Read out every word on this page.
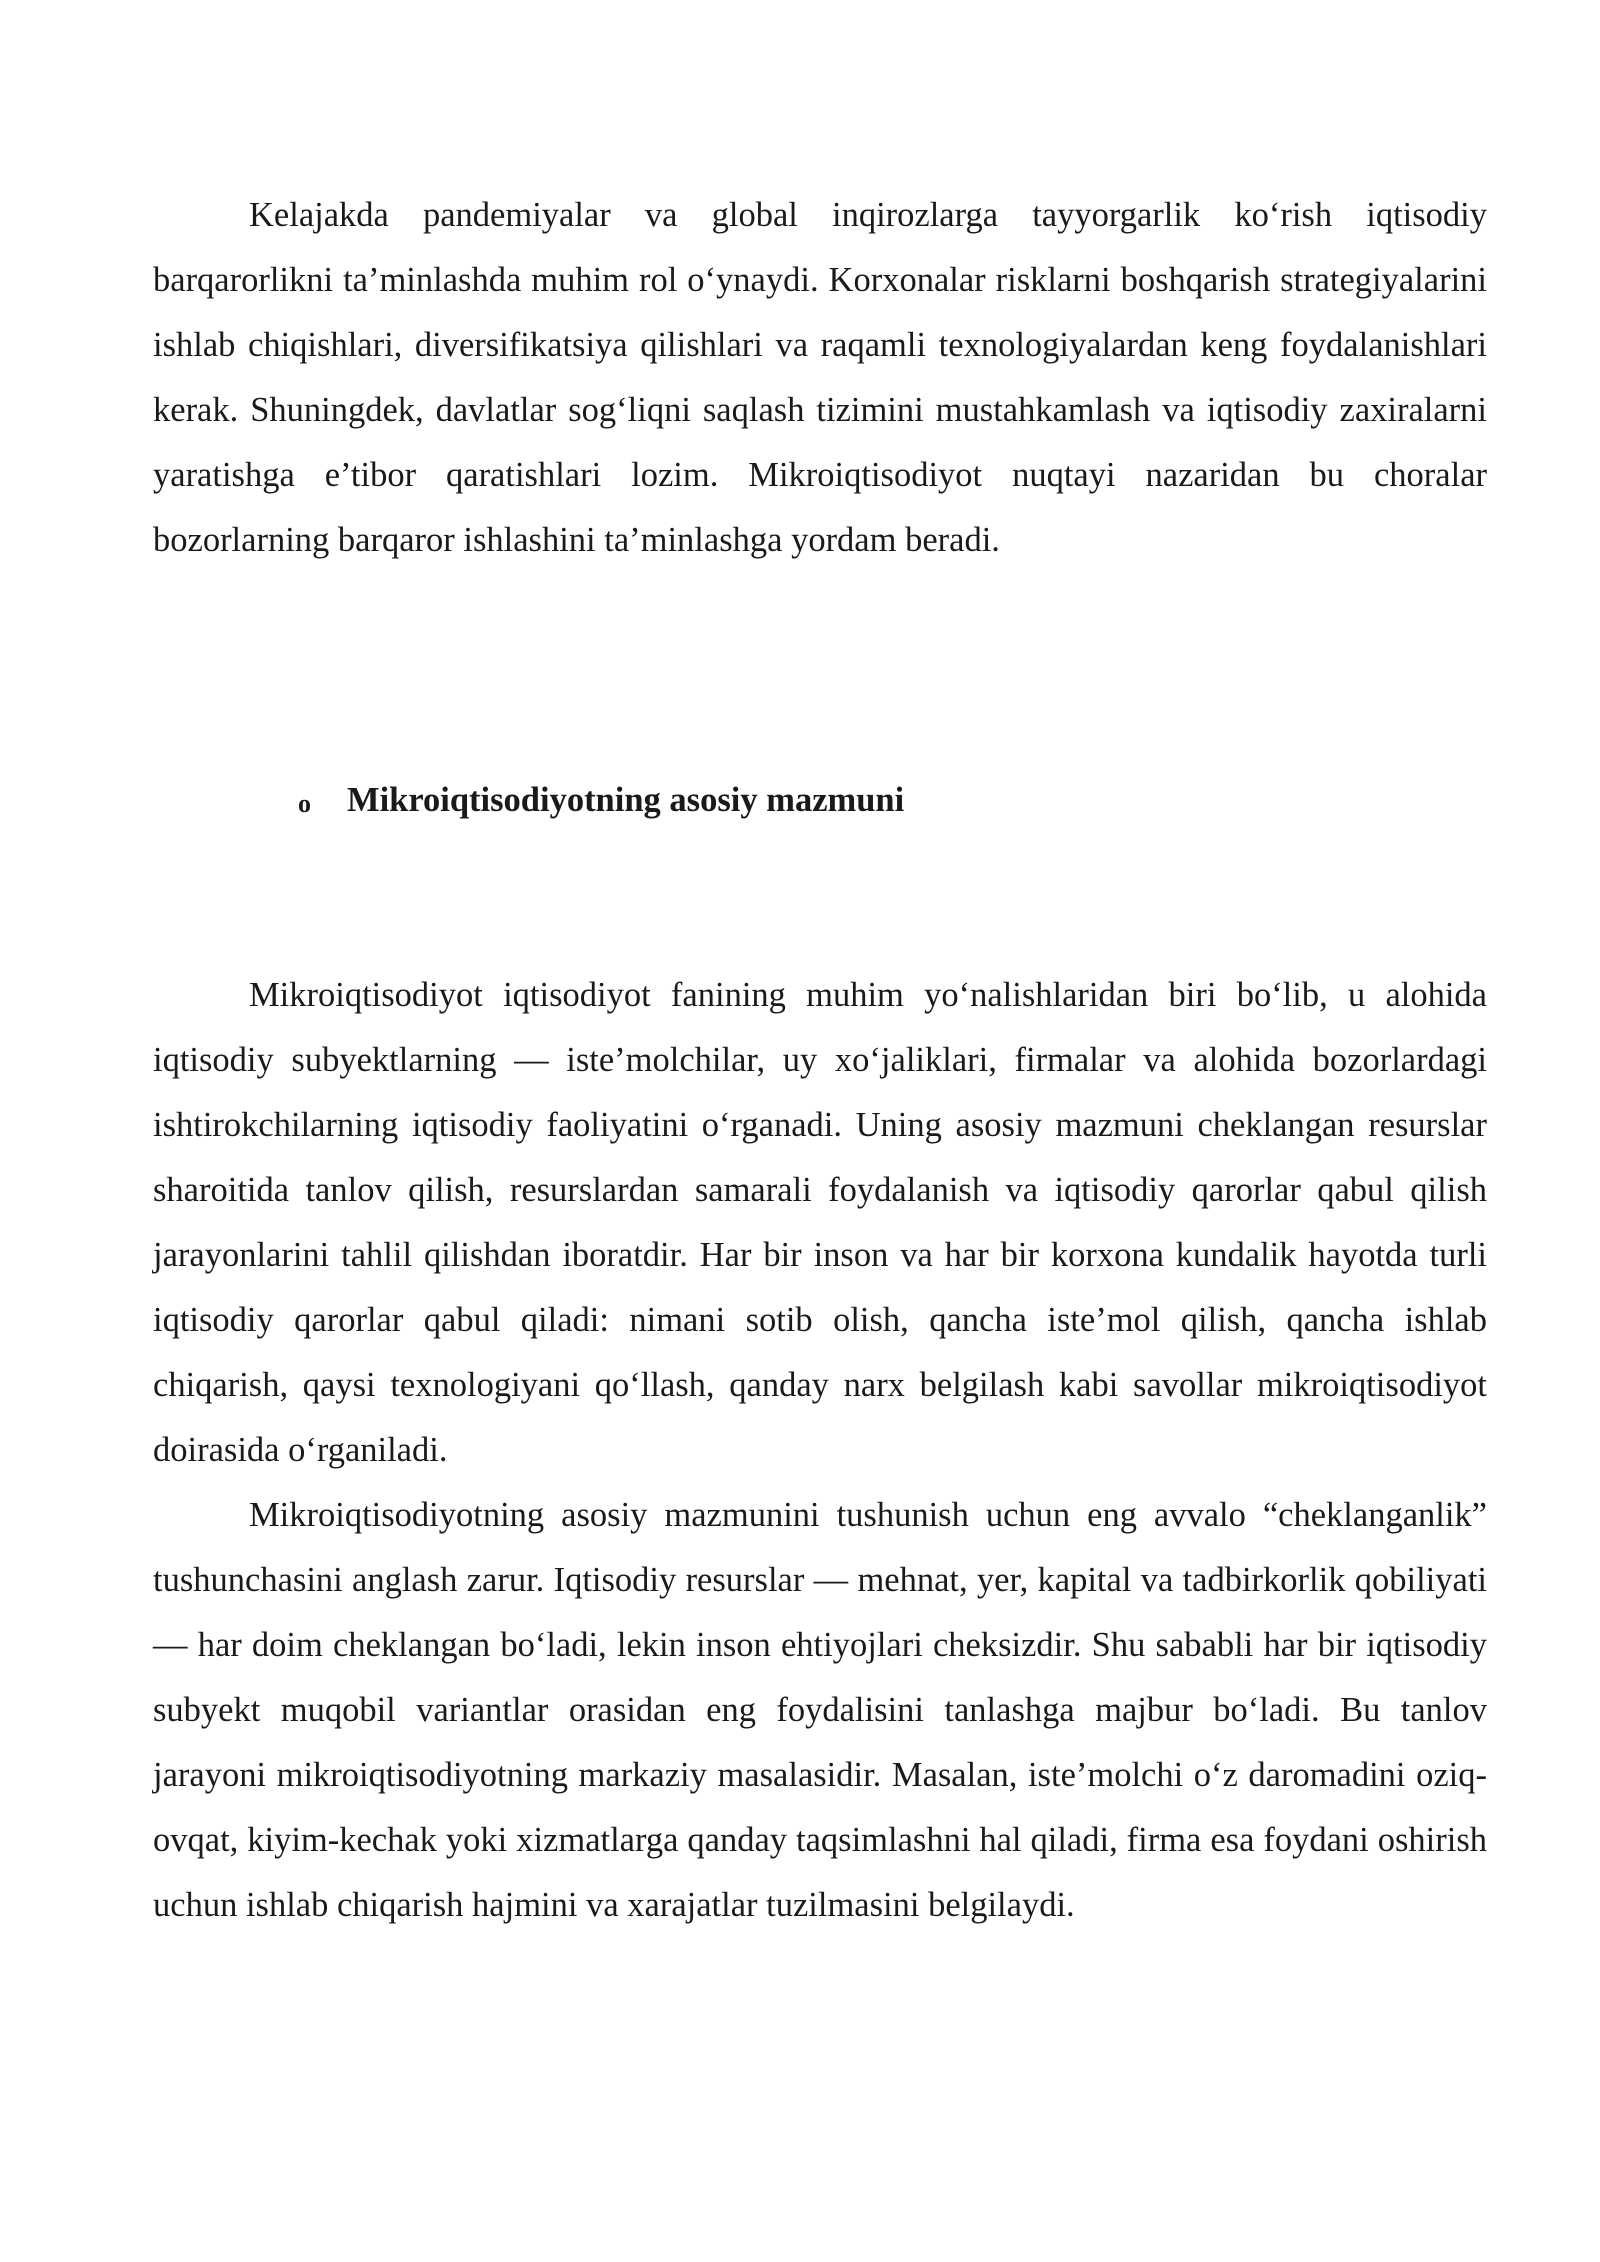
Kelajakda pandemiyalar va global inqirozlarga tayyorgarlik ko‘rish iqtisodiy barqarorlikni ta’minlashda muhim rol o‘ynaydi. Korxonalar risklarni boshqarish strategiyalarini ishlab chiqishlari, diversifikatsiya qilishlari va raqamli texnologiyalardan keng foydalanishlari kerak. Shuningdek, davlatlar sog‘liqni saqlash tizimini mustahkamlash va iqtisodiy zaxiralarni yaratishga e’tibor qaratishlari lozim. Mikroiqtisodiyot nuqtayi nazaridan bu choralar bozorlarning barqaror ishlashini ta’minlashga yordam beradi.

o	Mikroiqtisodiyotning asosiy mazmuni

Mikroiqtisodiyot iqtisodiyot fanining muhim yo‘nalishlaridan biri bo‘lib, u alohida iqtisodiy subyektlarning — iste’molchilar, uy xo‘jaliklari, firmalar va alohida bozorlardagi ishtirokchilarning iqtisodiy faoliyatini o‘rganadi. Uning asosiy mazmuni cheklangan resurslar sharoitida tanlov qilish, resurslardan samarali foydalanish va iqtisodiy qarorlar qabul qilish jarayonlarini tahlil qilishdan iboratdir. Har bir inson va har bir korxona kundalik hayotda turli iqtisodiy qarorlar qabul qiladi: nimani sotib olish, qancha iste’mol qilish, qancha ishlab chiqarish, qaysi texnologiyani qo‘llash, qanday narx belgilash kabi savollar mikroiqtisodiyot doirasida o‘rganiladi.

Mikroiqtisodiyotning asosiy mazmunini tushunish uchun eng avvalo “cheklanganlik” tushunchasini anglash zarur. Iqtisodiy resurslar — mehnat, yer, kapital va tadbirkorlik qobiliyati — har doim cheklangan bo‘ladi, lekin inson ehtiyojlari cheksizdir. Shu sababli har bir iqtisodiy subyekt muqobil variantlar orasidan eng foydalisini tanlashga majbur bo‘ladi. Bu tanlov jarayoni mikroiqtisodiyotning markaziy masalasidir. Masalan, iste’molchi o‘z daromadini oziq-ovqat, kiyim-kechak yoki xizmatlarga qanday taqsimlashni hal qiladi, firma esa foydani oshirish uchun ishlab chiqarish hajmini va xarajatlar tuzilmasini belgilaydi.
